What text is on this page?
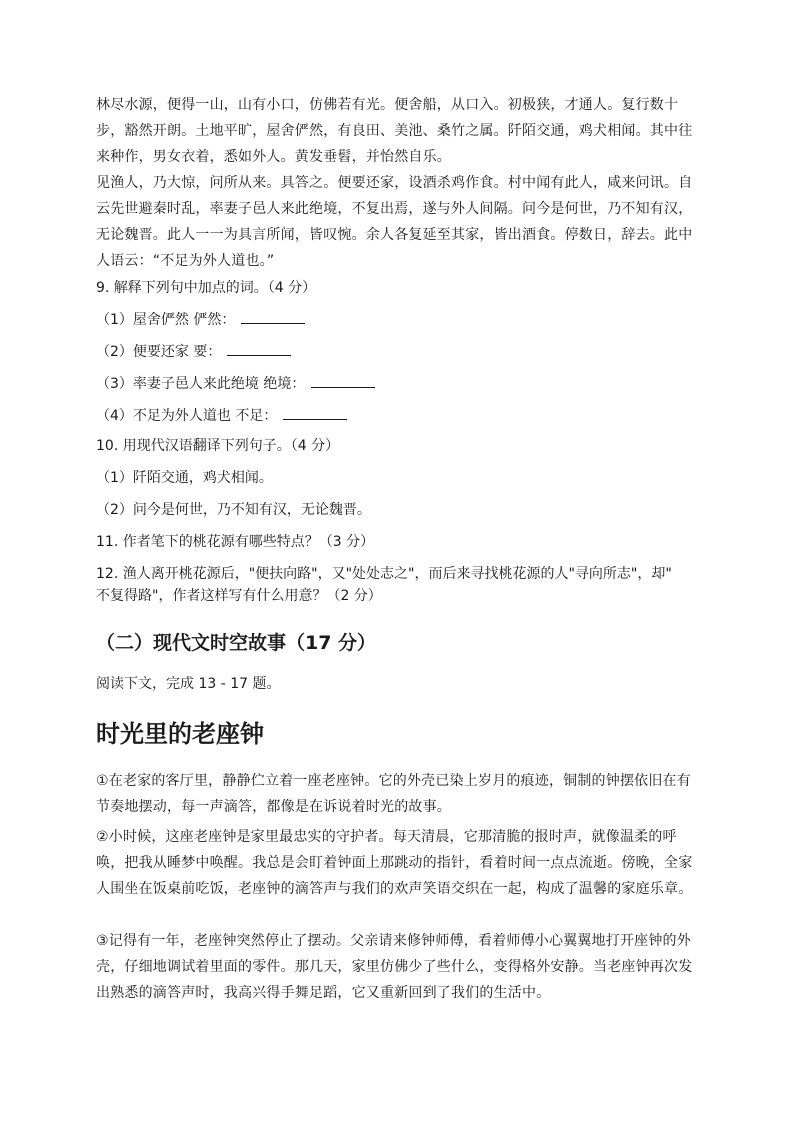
林尽水源，便得一山，山有小口，仿佛若有光。便舍船，从口入。初极狭，才通人。复行数十步，豁然开朗。土地平旷，屋舍俨然，有良田、美池、桑竹之属。阡陌交通，鸡犬相闻。其中往来种作，男女衣着，悉如外人。黄发垂髫，并怡然自乐。

见渔人，乃大惊，问所从来。具答之。便要还家，设酒杀鸡作食。村中闻有此人，咸来问讯。自云先世避秦时乱，率妻子邑人来此绝境，不复出焉，遂与外人间隔。问今是何世，乃不知有汉，无论魏晋。此人一一为具言所闻，皆叹惋。余人各复延至其家，皆出酒食。停数日，辞去。此中人语云：“不足为外人道也。”

9. 解释下列句中加点的词。（4 分）

（1）屋舍俨然 俨然：

（2）便要还家 要：

（3）率妻子邑人来此绝境 绝境：

（4）不足为外人道也 不足：

10. 用现代汉语翻译下列句子。（4 分）

（1）阡陌交通，鸡犬相闻。

（2）问今是何世，乃不知有汉，无论魏晋。

11. 作者笔下的桃花源有哪些特点？（3 分）

12. 渔人离开桃花源后，"便扶向路"，又"处处志之"，而后来寻找桃花源的人"寻向所志"，却"

不复得路"，作者这样写有什么用意？（2 分）

（二）现代文时空故事（17 分）

阅读下文，完成 13 - 17 题。

时光里的老座钟

①在老家的客厅里，静静伫立着一座老座钟。它的外壳已染上岁月的痕迹，铜制的钟摆依旧在有节奏地摆动，每一声滴答，都像是在诉说着时光的故事。

②小时候，这座老座钟是家里最忠实的守护者。每天清晨，它那清脆的报时声，就像温柔的呼唤，把我从睡梦中唤醒。我总是会盯着钟面上那跳动的指针，看着时间一点点流逝。傍晚，全家人围坐在饭桌前吃饭，老座钟的滴答声与我们的欢声笑语交织在一起，构成了温馨的家庭乐章。

③记得有一年，老座钟突然停止了摆动。父亲请来修钟师傅，看着师傅小心翼翼地打开座钟的外壳，仔细地调试着里面的零件。那几天，家里仿佛少了些什么，变得格外安静。当老座钟再次发出熟悉的滴答声时，我高兴得手舞足蹈，它又重新回到了我们的生活中。
